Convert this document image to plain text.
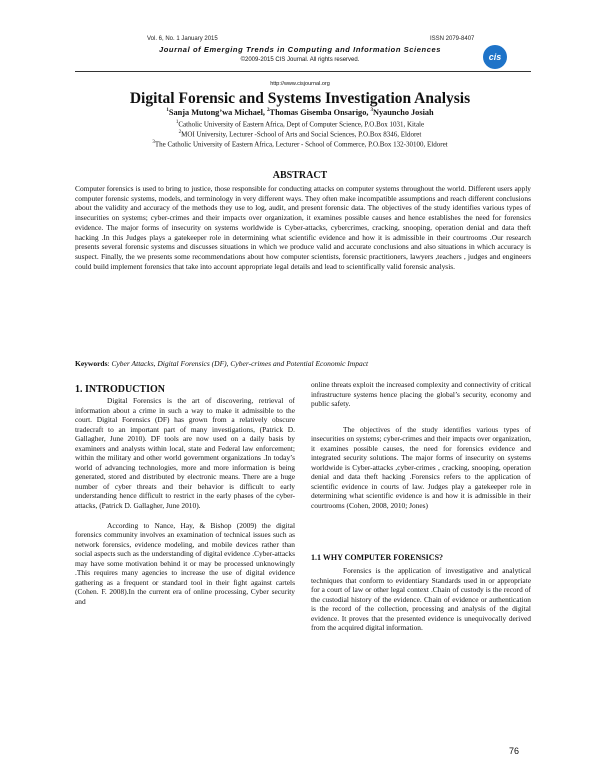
Vol. 6, No. 1 January 2015	ISSN 2079-8407
Journal of Emerging Trends in Computing and Information Sciences
©2009-2015 CIS Journal. All rights reserved.	cis
http://www.cisjournal.org
Digital Forensic and Systems Investigation Analysis
$^1$Sanja Mutong’wa Michael, $^2$Thomas Gisemba Onsarigo, $^3$Nyauncho Josiah
$^1$Catholic University of Eastern Africa, Dept of Computer Science, P.O.Box 1031, Kitale
$^2$MOI University, Lecturer -School of Arts and Social Sciences, P.O.Box 8346, Eldoret
$^3$The Catholic University of Eastern Africa, Lecturer - School of Commerce, P.O.Box 132-30100, Eldoret
ABSTRACT
Computer forensics is used to bring to justice, those responsible for conducting attacks on computer systems throughout the world. Different users apply computer forensic systems, models, and terminology in very different ways. They often make incompatible assumptions and reach different conclusions about the validity and accuracy of the methods they use to log, audit, and present forensic data. The objectives of the study identifies various types of insecurities on systems; cyber-crimes and their impacts over organization, it examines possible causes and hence establishes the need for forensics evidence. The major forms of insecurity on systems worldwide is Cyber-attacks, cybercrimes, cracking, snooping, operation denial and data theft hacking .In this Judges plays a gatekeeper role in determining what scientific evidence and how it is admissible in their courtrooms .Our research presents several forensic systems and discusses situations in which we produce valid and accurate conclusions and also situations in which accuracy is suspect. Finally, the we presents some recommendations about how computer scientists, forensic practitioners, lawyers ,teachers , judges and engineers could build implement forensics that take into account appropriate legal details and lead to scientifically valid forensic analysis.
Keywords: Cyber Attacks, Digital Forensics (DF), Cyber-crimes and Potential Economic Impact
1. INTRODUCTION

Digital Forensics is the art of discovering, retrieval of information about a crime in such a way to make it admissible to the court. Digital Forensics (DF) has grown from a relatively obscure tradecraft to an important part of many investigations, (Patrick D. Gallagher, June 2010). DF tools are now used on a daily basis by examiners and analysts within local, state and Federal law enforcement; within the military and other world government organizations .In today’s world of advancing technologies, more and more information is being generated, stored and distributed by electronic means. There are a huge number of cyber threats and their behavior is difficult to early understanding hence difficult to restrict in the early phases of the cyber-attacks, (Patrick D. Gallagher, June 2010).

According to Nance, Hay, & Bishop (2009) the digital forensics community involves an examination of technical issues such as network forensics, evidence modeling, and mobile devices rather than social aspects such as the understanding of digital evidence .Cyber-attacks may have some motivation behind it or may be processed unknowingly .This requires many agencies to increase the use of digital evidence gathering as a frequent or standard tool in their fight against cartels (Cohen. F. 2008).In the current era of online processing, Cyber security and

online threats exploit the increased complexity and connectivity of critical infrastructure systems hence placing the global’s security, economy and public safety.

The objectives of the study identifies various types of insecurities on systems; cyber-crimes and their impacts over organization, it examines possible causes, the need for forensics evidence and integrated security solutions. The major forms of insecurity on systems worldwide is Cyber-attacks ,cyber-crimes , cracking, snooping, operation denial and data theft hacking .Forensics refers to the application of scientific evidence in courts of law. Judges play a gatekeeper role in determining what scientific evidence is and how it is admissible in their courtrooms (Cohen, 2008, 2010; Jones)

1.1 WHY COMPUTER FORENSICS?

Forensics is the application of investigative and analytical techniques that conform to evidentiary Standards used in or appropriate for a court of law or other legal context .Chain of custody is the record of the custodial history of the evidence. Chain of evidence or authentication is the record of the collection, processing and analysis of the digital evidence. It proves that the presented evidence is unequivocally derived from the acquired digital information.

76
